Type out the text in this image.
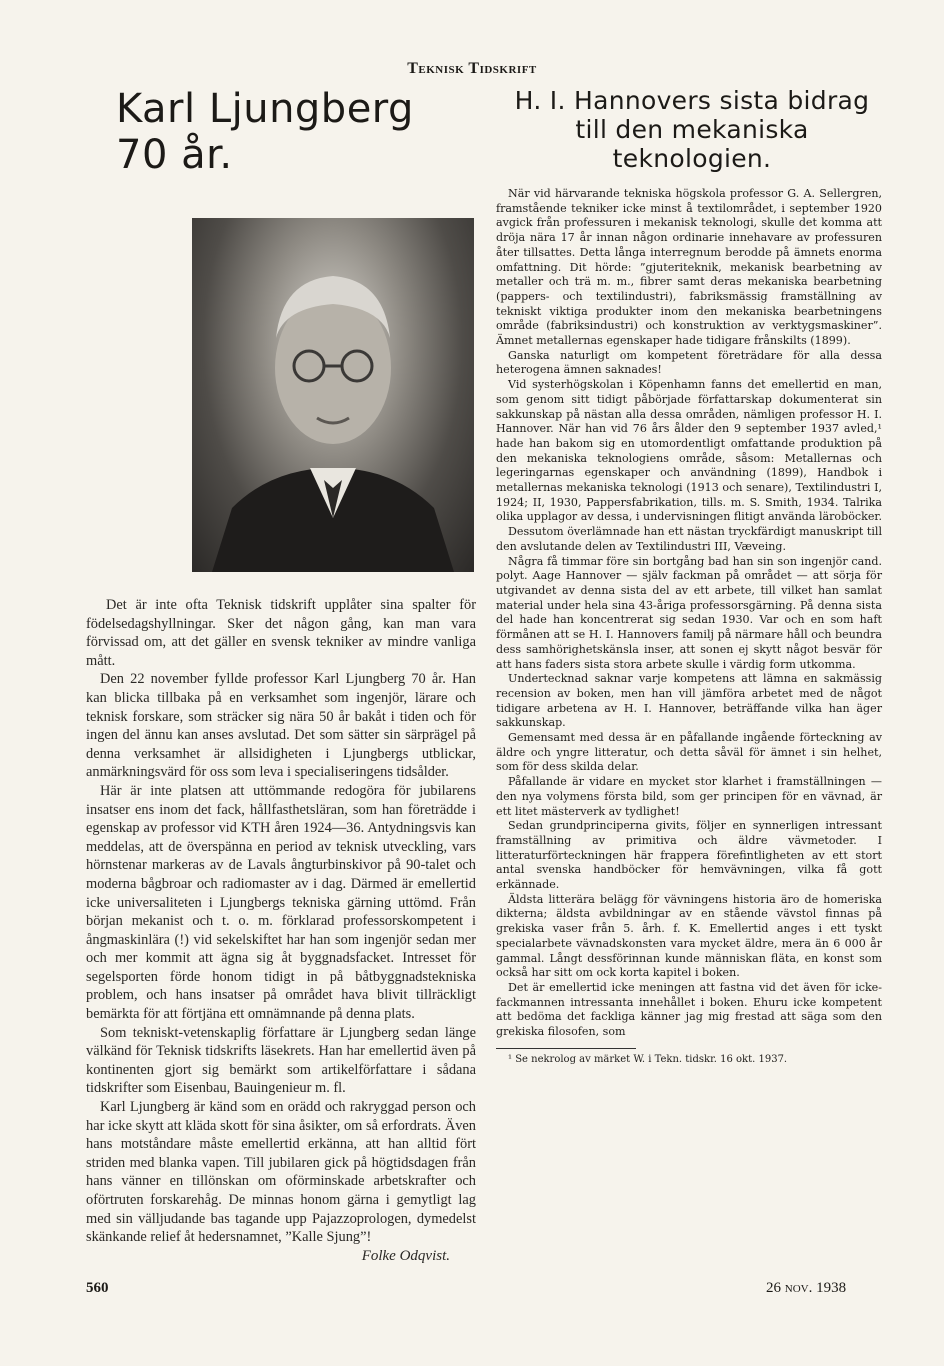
Teknisk Tidskrift
Karl Ljungberg 70 år.

Det är inte ofta Teknisk tidskrift upplåter sina spalter för födelsedagshyllningar. Sker det någon gång, kan man vara förvissad om, att det gäller en svensk tekniker av mindre vanliga mått.

Den 22 november fyllde professor Karl Ljungberg 70 år. Han kan blicka tillbaka på en verksamhet som ingenjör, lärare och teknisk forskare, som sträcker sig nära 50 år bakåt i tiden och för ingen del ännu kan anses avslutad. Det som sätter sin särprägel på denna verksamhet är allsidigheten i Ljungbergs utblickar, anmärkningsvärd för oss som leva i specialiseringens tidsålder.

Här är inte platsen att uttömmande redogöra för jubilarens insatser ens inom det fack, hållfasthetsläran, som han företrädde i egenskap av professor vid KTH åren 1924—36. Antydningsvis kan meddelas, att de överspänna en period av teknisk utveckling, vars hörnstenar markeras av de Lavals ångturbinskivor på 90-talet och moderna bågbroar och radiomaster av i dag. Därmed är emellertid icke universaliteten i Ljungbergs tekniska gärning uttömd. Från början mekanist och t. o. m. förklarad professorskompetent i ångmaskinlära (!) vid sekelskiftet har han som ingenjör sedan mer och mer kommit att ägna sig åt byggnadsfacket. Intresset för segelsporten förde honom tidigt in på båtbyggnadstekniska problem, och hans insatser på området hava blivit tillräckligt bemärkta för att förtjäna ett omnämnande på denna plats.

Som tekniskt-vetenskaplig författare är Ljungberg sedan länge välkänd för Teknisk tidskrifts läsekrets. Han har emellertid även på kontinenten gjort sig bemärkt som artikelförfattare i sådana tidskrifter som Eisenbau, Bauingenieur m. fl.

Karl Ljungberg är känd som en orädd och rakryggad person och har icke skytt att kläda skott för sina åsikter, om så erfordrats. Även hans motståndare måste emellertid erkänna, att han alltid fört striden med blanka vapen. Till jubilaren gick på högtidsdagen från hans vänner en tillönskan om oförminskade arbetskrafter och oförtruten forskarehåg. De minnas honom gärna i gemytligt lag med sin välljudande bas tagande upp Pajazzoprologen, dymedelst skänkande relief åt hedersnamnet, ”Kalle Sjung”!

Folke Odqvist.
H. I. Hannovers sista bidrag till den mekaniska teknologien.

När vid härvarande tekniska högskola professor G. A. Sellergren, framstående tekniker icke minst å textilområdet, i september 1920 avgick från professuren i mekanisk teknologi, skulle det komma att dröja nära 17 år innan någon ordinarie innehavare av professuren åter tillsattes. Detta långa interregnum berodde på ämnets enorma omfattning. Dit hörde: ”gjuteriteknik, mekanisk bearbetning av metaller och trä m. m., fibrer samt deras mekaniska bearbetning (pappers- och textilindustri), fabriksmässig framställning av tekniskt viktiga produkter inom den mekaniska bearbetningens område (fabriksindustri) och konstruktion av verktygsmaskiner”. Ämnet metallernas egenskaper hade tidigare frånskilts (1899).

Ganska naturligt om kompetent företrädare för alla dessa heterogena ämnen saknades!

Vid systerhögskolan i Köpenhamn fanns det emellertid en man, som genom sitt tidigt påbörjade författarskap dokumenterat sin sakkunskap på nästan alla dessa områden, nämligen professor H. I. Hannover. När han vid 76 års ålder den 9 september 1937 avled,¹ hade han bakom sig en utomordentligt omfattande produktion på den mekaniska teknologiens område, såsom: Metallernas och legeringarnas egenskaper och användning (1899), Handbok i metallernas mekaniska teknologi (1913 och senare), Textilindustri I, 1924; II, 1930, Pappersfabrikation, tills. m. S. Smith, 1934. Talrika olika upplagor av dessa, i undervisningen flitigt använda läroböcker.

Dessutom överlämnade han ett nästan tryckfärdigt manuskript till den avslutande delen av Textilindustri III, Væveing.

Några få timmar före sin bortgång bad han sin son ingenjör cand. polyt. Aage Hannover — själv fackman på området — att sörja för utgivandet av denna sista del av ett arbete, till vilket han samlat material under hela sina 43-åriga professorsgärning. På denna sista del hade han koncentrerat sig sedan 1930. Var och en som haft förmånen att se H. I. Hannovers familj på närmare håll och beundra dess samhörighetskänsla inser, att sonen ej skytt något besvär för att hans faders sista stora arbete skulle i värdig form utkomma.

Undertecknad saknar varje kompetens att lämna en sakmässig recension av boken, men han vill jämföra arbetet med de något tidigare arbetena av H. I. Hannover, beträffande vilka han äger sakkunskap.

Gemensamt med dessa är en påfallande ingående förteckning av äldre och yngre litteratur, och detta såväl för ämnet i sin helhet, som för dess skilda delar.

Påfallande är vidare en mycket stor klarhet i framställningen — den nya volymens första bild, som ger principen för en vävnad, är ett litet mästerverk av tydlighet!

Sedan grundprinciperna givits, följer en synnerligen intressant framställning av primitiva och äldre vävmetoder. I litteraturförteckningen här frappera förefintligheten av ett stort antal svenska handböcker för hemvävningen, vilka få gott erkännade.

Äldsta litterära belägg för vävningens historia äro de homeriska dikterna; äldsta avbildningar av en stående vävstol finnas på grekiska vaser från 5. årh. f. K. Emellertid anges i ett tyskt specialarbete vävnadskonsten vara mycket äldre, mera än 6 000 år gammal. Långt dessförinnan kunde människan fläta, en konst som också har sitt om ock korta kapitel i boken.

Det är emellertid icke meningen att fastna vid det även för icke-fackmannen intressanta innehållet i boken. Ehuru icke kompetent att bedöma det fackliga känner jag mig frestad att säga som den grekiska filosofen, som

¹ Se nekrolog av märket W. i Tekn. tidskr. 16 okt. 1937.
560	26 nov. 1938
